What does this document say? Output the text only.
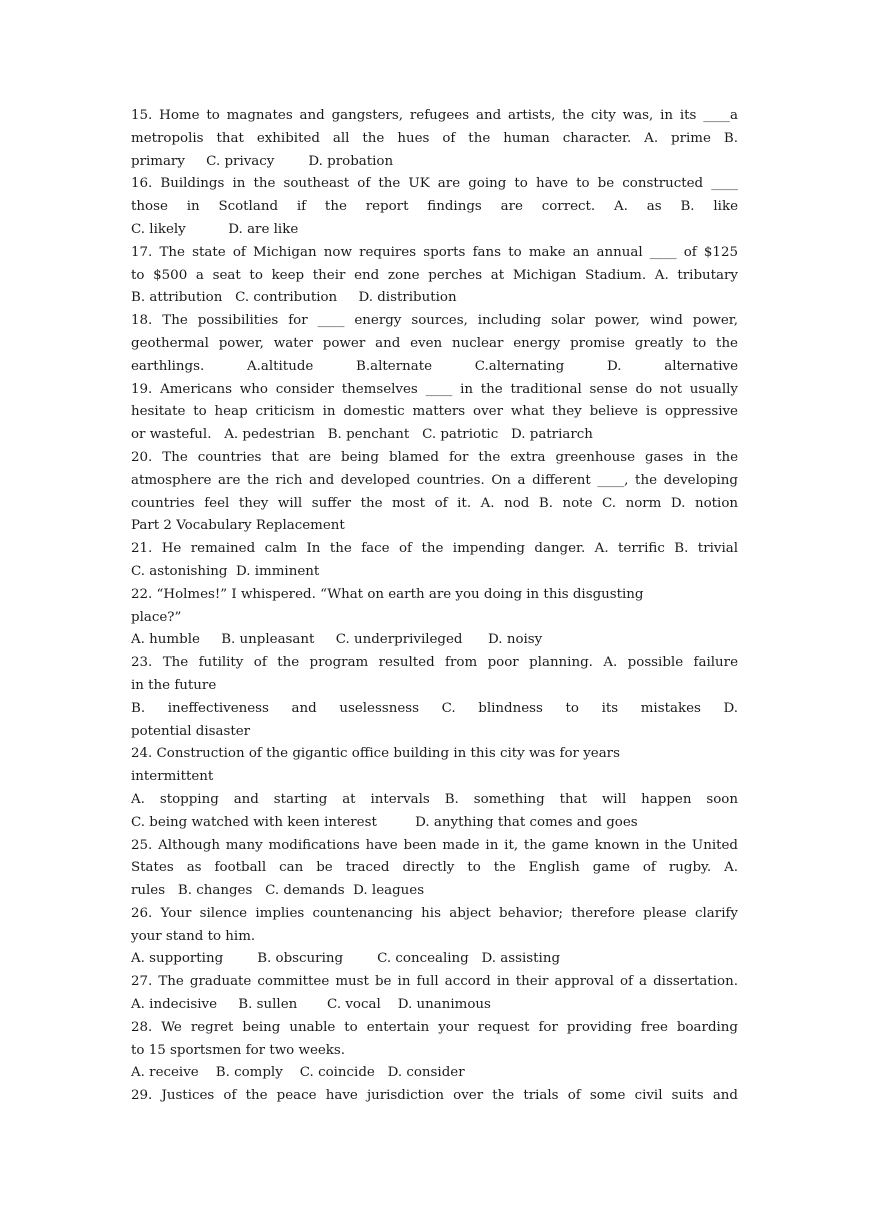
15. Home to magnates and gangsters, refugees and artists, the city was, in its ____a
metropolis that exhibited all the hues of the human character. A. prime B.
primary     C. privacy        D. probation
16. Buildings in the southeast of the UK are going to have to be constructed ____
those in Scotland if the report findings are correct. A. as B. like
C. likely          D. are like
17. The state of Michigan now requires sports fans to make an annual ____ of $125
to $500 a seat to keep their end zone perches at Michigan Stadium. A. tributary
B. attribution   C. contribution     D. distribution
18. The possibilities for ____ energy sources, including solar power, wind power,
geothermal power, water power and even nuclear energy promise greatly to the
earthlings. A.altitude B.alternate C.alternating D. alternative
19. Americans who consider themselves ____ in the traditional sense do not usually
hesitate to heap criticism in domestic matters over what they believe is oppressive
or wasteful.   A. pedestrian   B. penchant   C. patriotic   D. patriarch
20. The countries that are being blamed for the extra greenhouse gases in the
atmosphere are the rich and developed countries. On a different ____, the developing
countries feel they will suffer the most of it. A. nod B. note C. norm D. notion
Part 2 Vocabulary Replacement
21. He remained calm In the face of the impending danger. A. terrific B. trivial
C. astonishing  D. imminent
22. “Holmes!” I whispered. “What on earth are you doing in this disgusting
place?”
A. humble     B. unpleasant     C. underprivileged      D. noisy
23. The futility of the program resulted from poor planning. A. possible failure
in the future
B. ineffectiveness and uselessness C. blindness to its mistakes D.
potential disaster
24. Construction of the gigantic office building in this city was for years
intermittent
A. stopping and starting at intervals B. something that will happen soon
C. being watched with keen interest         D. anything that comes and goes
25. Although many modifications have been made in it, the game known in the United
States as football can be traced directly to the English game of rugby. A.
rules   B. changes   C. demands  D. leagues
26. Your silence implies countenancing his abject behavior; therefore please clarify
your stand to him.
A. supporting        B. obscuring        C. concealing   D. assisting
27. The graduate committee must be in full accord in their approval of a dissertation.
A. indecisive     B. sullen       C. vocal    D. unanimous
28. We regret being unable to entertain your request for providing free boarding
to 15 sportsmen for two weeks.
A. receive    B. comply    C. coincide   D. consider
29. Justices of the peace have jurisdiction over the trials of some civil suits and
